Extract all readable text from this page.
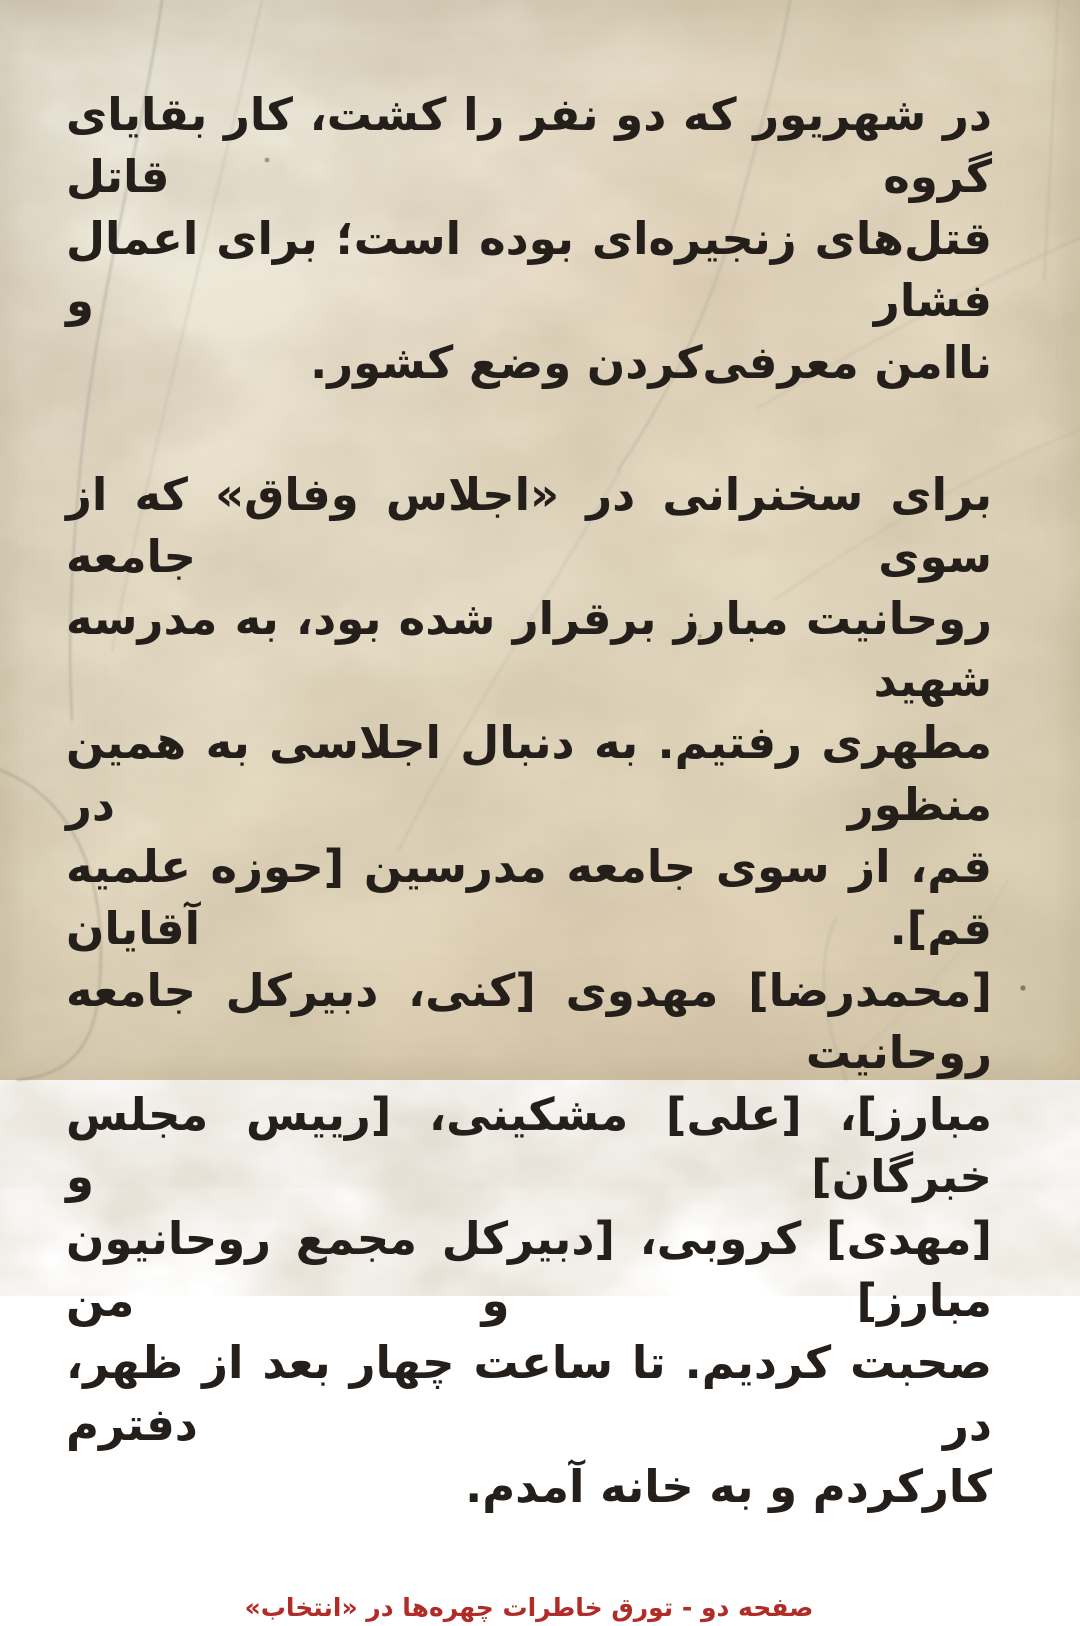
در شهریور که دو نفر را کشت، کار بقایای گروه قاتل
قتل‌های زنجیره‌ای بوده است؛ برای اعمال فشار و
ناامن معرفی‌کردن وضع کشور.
برای سخنرانی در «اجلاس وفاق» که از سوی جامعه
روحانیت مبارز برقرار شده بود، به مدرسه شهید
مطهری رفتیم. به دنبال اجلاسی به همین منظور در
قم، از سوی جامعه مدرسین [حوزه علمیه قم]. آقایان
[محمدرضا] مهدوی [کنی، دبیرکل جامعه روحانیت
مبارز]، [علی] مشکینی، [رییس مجلس خبرگان] و
[مهدی] کروبی، [دبیرکل مجمع روحانیون مبارز] و من
صحبت کردیم. تا ساعت چهار بعد از ظهر، در دفترم
کارکردم و به خانه آمدم.
صفحه دو - تورق خاطرات چهره‌ها در «انتخاب»
